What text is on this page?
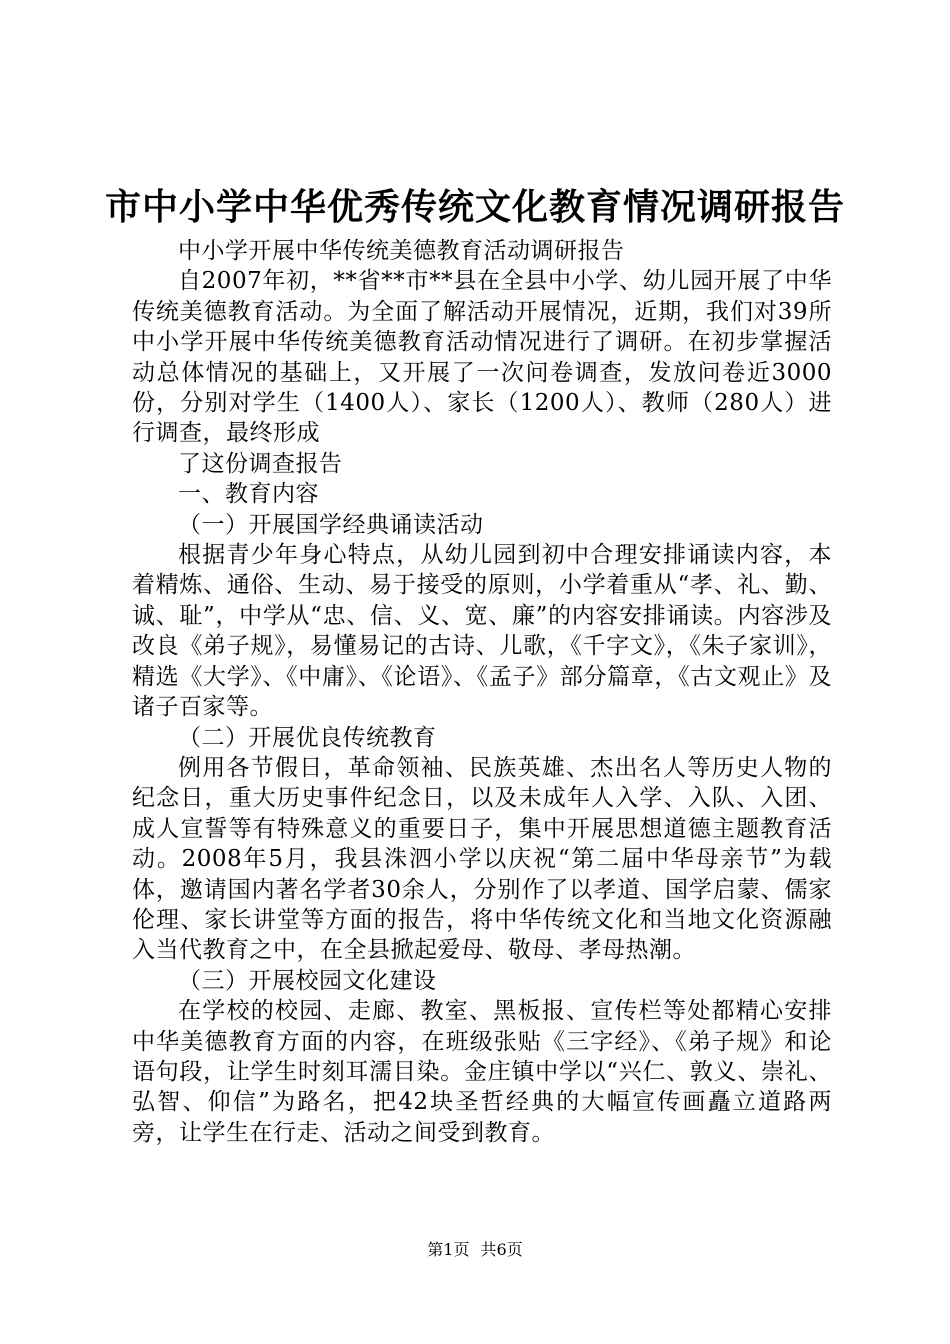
市中小学中华优秀传统文化教育情况调研报告

中小学开展中华传统美德教育活动调研报告

自2007年初，**省**市**县在全县中小学、幼儿园开展了中华传统美德教育活动。为全面了解活动开展情况，近期，我们对39所中小学开展中华传统美德教育活动情况进行了调研。在初步掌握活动总体情况的基础上，又开展了一次问卷调查，发放问卷近3000份，分别对学生（1400人）、家长（1200人）、教师（280人）进行调查，最终形成

了这份调查报告

一、教育内容

（一）开展国学经典诵读活动

根据青少年身心特点，从幼儿园到初中合理安排诵读内容，本着精炼、通俗、生动、易于接受的原则，小学着重从“孝、礼、勤、诚、耻”，中学从“忠、信、义、宽、廉”的内容安排诵读。内容涉及改良《弟子规》，易懂易记的古诗、儿歌，《千字文》，《朱子家训》，精选《大学》、《中庸》、《论语》、《孟子》部分篇章，《古文观止》及诸子百家等。

（二）开展优良传统教育

例用各节假日，革命领袖、民族英雄、杰出名人等历史人物的纪念日，重大历史事件纪念日，以及未成年人入学、入队、入团、成人宣誓等有特殊意义的重要日子，集中开展思想道德主题教育活动。2008年5月，我县洙泗小学以庆祝“第二届中华母亲节”为载体，邀请国内著名学者30余人，分别作了以孝道、国学启蒙、儒家伦理、家长讲堂等方面的报告，将中华传统文化和当地文化资源融入当代教育之中，在全县掀起爱母、敬母、孝母热潮。

（三）开展校园文化建设

在学校的校园、走廊、教室、黑板报、宣传栏等处都精心安排中华美德教育方面的内容，在班级张贴《三字经》、《弟子规》和论语句段，让学生时刻耳濡目染。金庄镇中学以“兴仁、敦义、崇礼、弘智、仰信”为路名，把42块圣哲经典的大幅宣传画矗立道路两旁，让学生在行走、活动之间受到教育。

第1页 共6页
